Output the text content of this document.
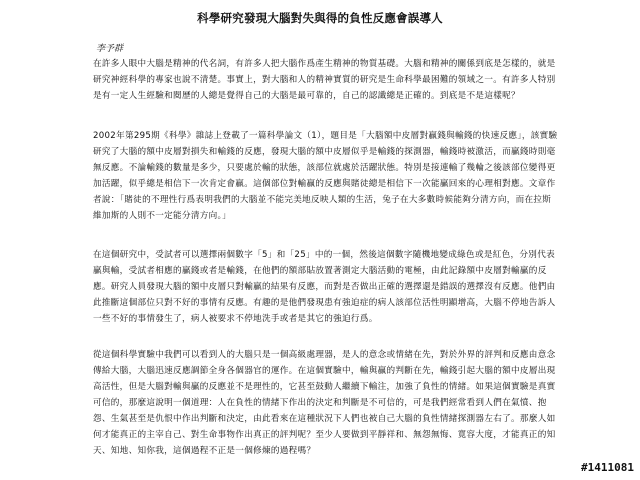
科學研究發現大腦對失與得的負性反應會誤導人
李予群

在許多人眼中大腦是精神的代名詞，有許多人把大腦作爲產生精神的物質基礎。大腦和精神的關係到底是怎樣的，就是研究神經科學的專家也說不清楚。事實上，對大腦和人的精神實質的研究是生命科學最困難的領域之一。有許多人特別是有一定人生經驗和閱歷的人總是覺得自己的大腦是最可靠的，自己的認識總是正確的。到底是不是這樣呢？

2002年第295期《科學》雜誌上登載了一篇科學論文（1），題目是「大腦額中皮層對贏錢與輸錢的快速反應」，該實驗研究了大腦的額中皮層對損失和輸錢的反應，發現大腦的額中皮層似乎是輸錢的探測器，輸錢時被激活，而贏錢時則毫無反應。不論輸錢的數量是多少，只要處於輸的狀態，該部位就處於活躍狀態。特別是接連輸了幾輪之後該部位變得更加活躍，似乎總是相信下一次肯定會贏。這個部位對輸贏的反應與賭徒總是相信下一次能贏回來的心理相對應。文章作者說：「賭徒的不理性行爲表明我們的大腦並不能完美地反映人類的生活，兔子在大多數時候能夠分清方向，而在拉斯維加斯的人則不一定能分清方向。」

在這個研究中，受試者可以選擇兩個數字「5」和「25」中的一個，然後這個數字隨機地變成綠色或是紅色，分別代表贏與輸，受試者相應的贏錢或者是輸錢，在他們的額部貼放置著測定大腦活動的電極，由此記錄額中皮層對輸贏的反應。研究人員發現大腦的額中皮層只對輸贏的結果有反應，而對是否做出正確的選擇還是錯誤的選擇沒有反應。他們由此推斷這個部位只對不好的事情有反應。有趣的是他們發現患有強迫症的病人該部位活性明顯增高，大腦不停地告訴人一些不好的事情發生了，病人被要求不停地洗手或者是其它的強迫行爲。

從這個科學實驗中我們可以看到人的大腦只是一個高級處理器，是人的意念或情緒在先，對於外界的評判和反應由意念傳給大腦，大腦迅速反應調節全身各個器官的運作。在這個實驗中，輸與贏的判斷在先，輸錢引起大腦的額中皮層出現高活性，但是大腦對輸與贏的反應並不是理性的，它甚至鼓動人繼續下輸注，加強了負性的情緒。如果這個實驗是真實可信的，那麼這說明一個道理：人在負性的情緒下作出的決定和判斷是不可信的，可是我們經常看到人們在氣憤、抱怨、生氣甚至是仇恨中作出判斷和決定，由此看來在這種狀況下人們也被自己大腦的負性情緒探測器左右了。那麼人如何才能真正的主宰自己、對生命事物作出真正的評判呢？至少人要做到平靜祥和、無怨無悔、寬容大度，才能真正的知天、知地、知你我，這個過程不正是一個修煉的過程嗎？

#1411081
